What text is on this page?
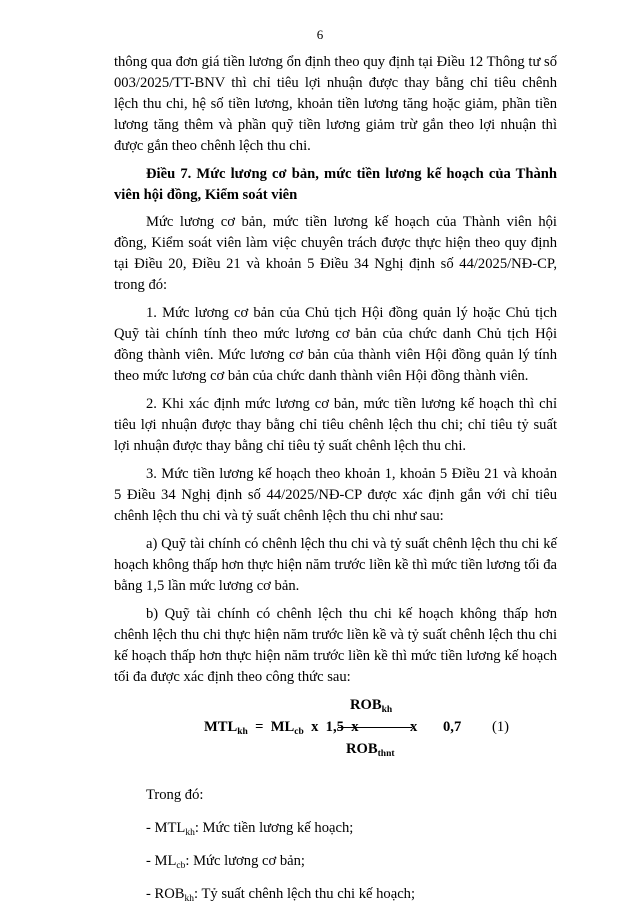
6

thông qua đơn giá tiền lương ổn định theo quy định tại Điều 12 Thông tư số 003/2025/TT-BNV thì chỉ tiêu lợi nhuận được thay bằng chỉ tiêu chênh lệch thu chi, hệ số tiền lương, khoản tiền lương tăng hoặc giảm, phần tiền lương tăng thêm và phần quỹ tiền lương giảm trừ gắn theo lợi nhuận thì được gắn theo chênh lệch thu chi.

Điều 7. Mức lương cơ bản, mức tiền lương kế hoạch của Thành viên hội đồng, Kiểm soát viên

Mức lương cơ bản, mức tiền lương kế hoạch của Thành viên hội đồng, Kiểm soát viên làm việc chuyên trách được thực hiện theo quy định tại Điều 20, Điều 21 và khoản 5 Điều 34 Nghị định số 44/2025/NĐ-CP, trong đó:

1. Mức lương cơ bản của Chủ tịch Hội đồng quản lý hoặc Chủ tịch Quỹ tài chính tính theo mức lương cơ bản của chức danh Chủ tịch Hội đồng thành viên. Mức lương cơ bản của thành viên Hội đồng quản lý tính theo mức lương cơ bản của chức danh thành viên Hội đồng thành viên.

2. Khi xác định mức lương cơ bản, mức tiền lương kế hoạch thì chỉ tiêu lợi nhuận được thay bằng chỉ tiêu chênh lệch thu chi; chỉ tiêu tỷ suất lợi nhuận được thay bằng chỉ tiêu tỷ suất chênh lệch thu chi.

3. Mức tiền lương kế hoạch theo khoản 1, khoản 5 Điều 21 và khoản 5 Điều 34 Nghị định số 44/2025/NĐ-CP được xác định gắn với chỉ tiêu chênh lệch thu chi và tỷ suất chênh lệch thu chi như sau:

a) Quỹ tài chính có chênh lệch thu chi và tỷ suất chênh lệch thu chi kế hoạch không thấp hơn thực hiện năm trước liền kề thì mức tiền lương tối đa bằng 1,5 lần mức lương cơ bản.

b) Quỹ tài chính có chênh lệch thu chi kế hoạch không thấp hơn chênh lệch thu chi thực hiện năm trước liền kề và tỷ suất chênh lệch thu chi kế hoạch thấp hơn thực hiện năm trước liền kề thì mức tiền lương kế hoạch tối đa được xác định theo công thức sau:

$ROB_{kh}$
$ROB_{thnt}$
$MTL_{kh} = ML_{cb}$ x 1,5 x	x 0,7 (1)

Trong đó:

- $MTL_{kh}$: Mức tiền lương kế hoạch;

- $ML_{cb}$: Mức lương cơ bản;

- $ROB_{kh}$: Tỷ suất chênh lệch thu chi kế hoạch;
